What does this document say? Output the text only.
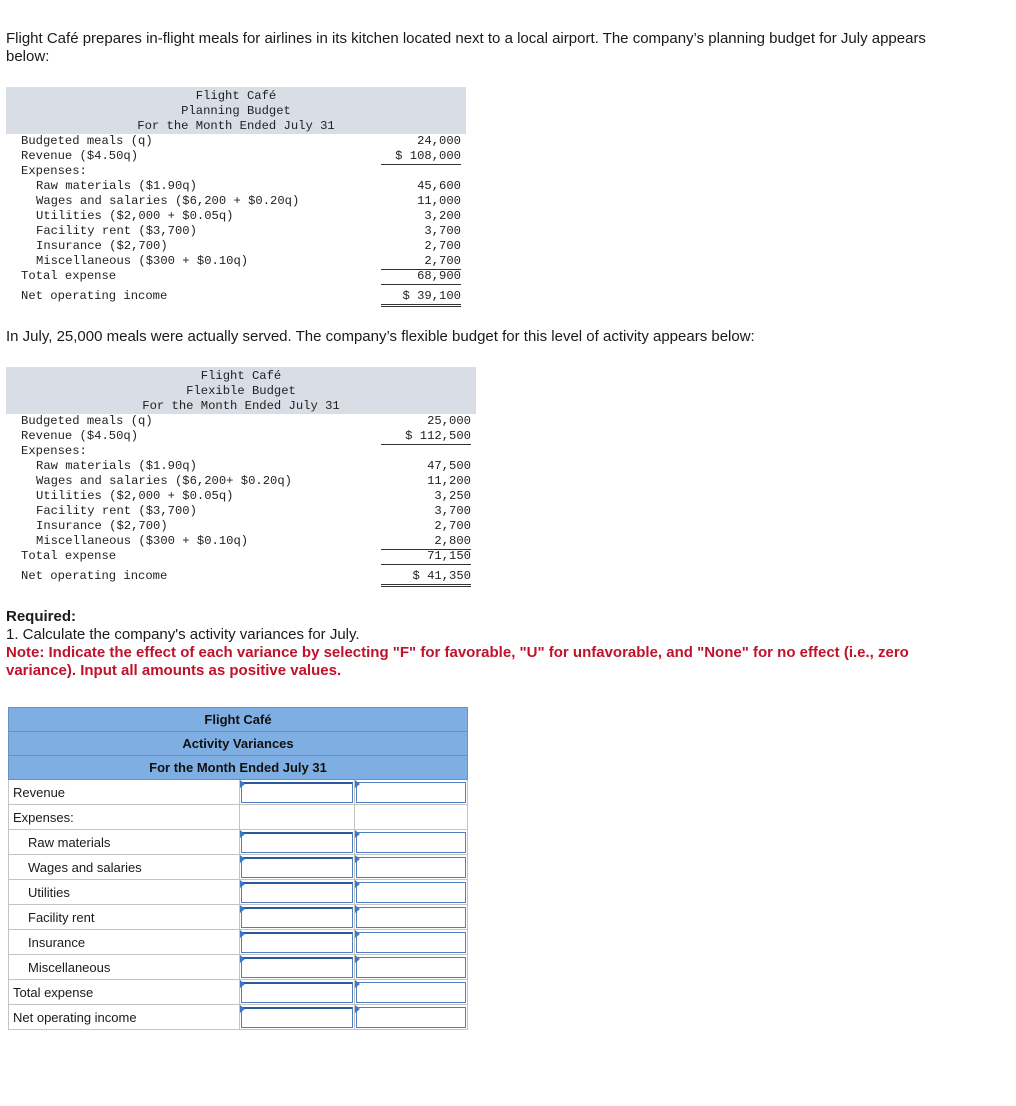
Flight Café prepares in-flight meals for airlines in its kitchen located next to a local airport. The company’s planning budget for July appears below:

Flight Café
Planning Budget
For the Month Ended July 31
Budgeted meals (q)	24,000
Revenue ($4.50q)	$ 108,000
Expenses:
Raw materials ($1.90q)	45,600
Wages and salaries ($6,200 + $0.20q)	11,000
Utilities ($2,000 + $0.05q)	3,200
Facility rent ($3,700)	3,700
Insurance ($2,700)	2,700
Miscellaneous ($300 + $0.10q)	2,700
Total expense	68,900
Net operating income	$ 39,100

In July, 25,000 meals were actually served. The company’s flexible budget for this level of activity appears below:

Flight Café
Flexible Budget
For the Month Ended July 31
Budgeted meals (q)	25,000
Revenue ($4.50q)	$ 112,500
Expenses:
Raw materials ($1.90q)	47,500
Wages and salaries ($6,200+ $0.20q)	11,200
Utilities ($2,000 + $0.05q)	3,250
Facility rent ($3,700)	3,700
Insurance ($2,700)	2,700
Miscellaneous ($300 + $0.10q)	2,800
Total expense	71,150
Net operating income	$ 41,350
Required:
1. Calculate the company's activity variances for July.
Note: Indicate the effect of each variance by selecting "F" for favorable, "U" for unfavorable, and "None" for no effect (i.e., zero variance). Input all amounts as positive values.
Flight Café		
Activity Variances		
For the Month Ended July 31		
Revenue	

Expenses:		
Raw materials	

Wages and salaries	

Utilities	

Facility rent	

Insurance	

Miscellaneous	

Total expense	

Net operating income	
